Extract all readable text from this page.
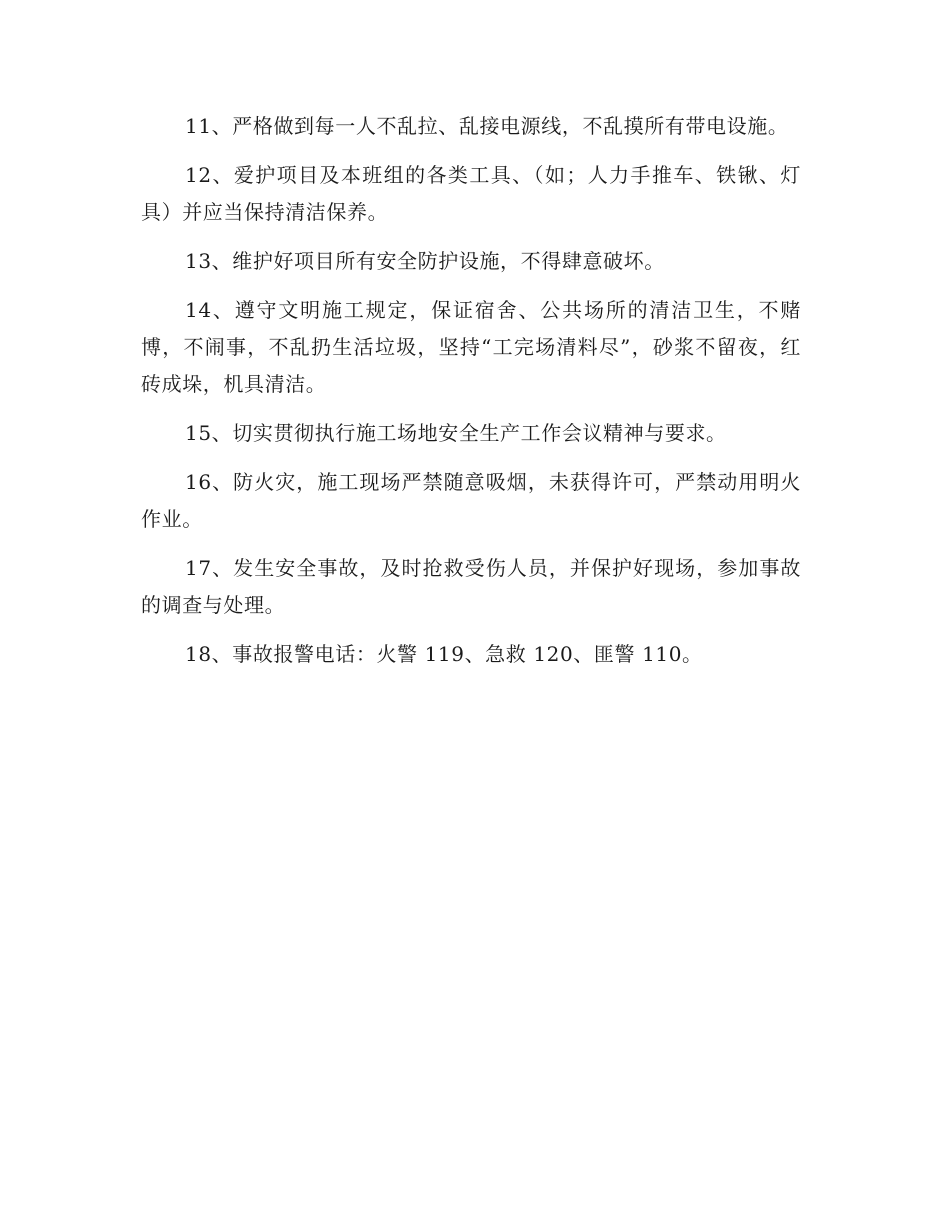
11、严格做到每一人不乱拉、乱接电源线，不乱摸所有带电设施。

12、爱护项目及本班组的各类工具、（如；人力手推车、铁锹、灯具）并应当保持清洁保养。

13、维护好项目所有安全防护设施，不得肆意破坏。

14、遵守文明施工规定，保证宿舍、公共场所的清洁卫生，不赌博，不闹事，不乱扔生活垃圾，坚持“工完场清料尽”，砂浆不留夜，红砖成垛，机具清洁。

15、切实贯彻执行施工场地安全生产工作会议精神与要求。

16、防火灾，施工现场严禁随意吸烟，未获得许可，严禁动用明火作业。

17、发生安全事故，及时抢救受伤人员，并保护好现场，参加事故的调查与处理。

18、事故报警电话：火警 119、急救 120、匪警 110。
